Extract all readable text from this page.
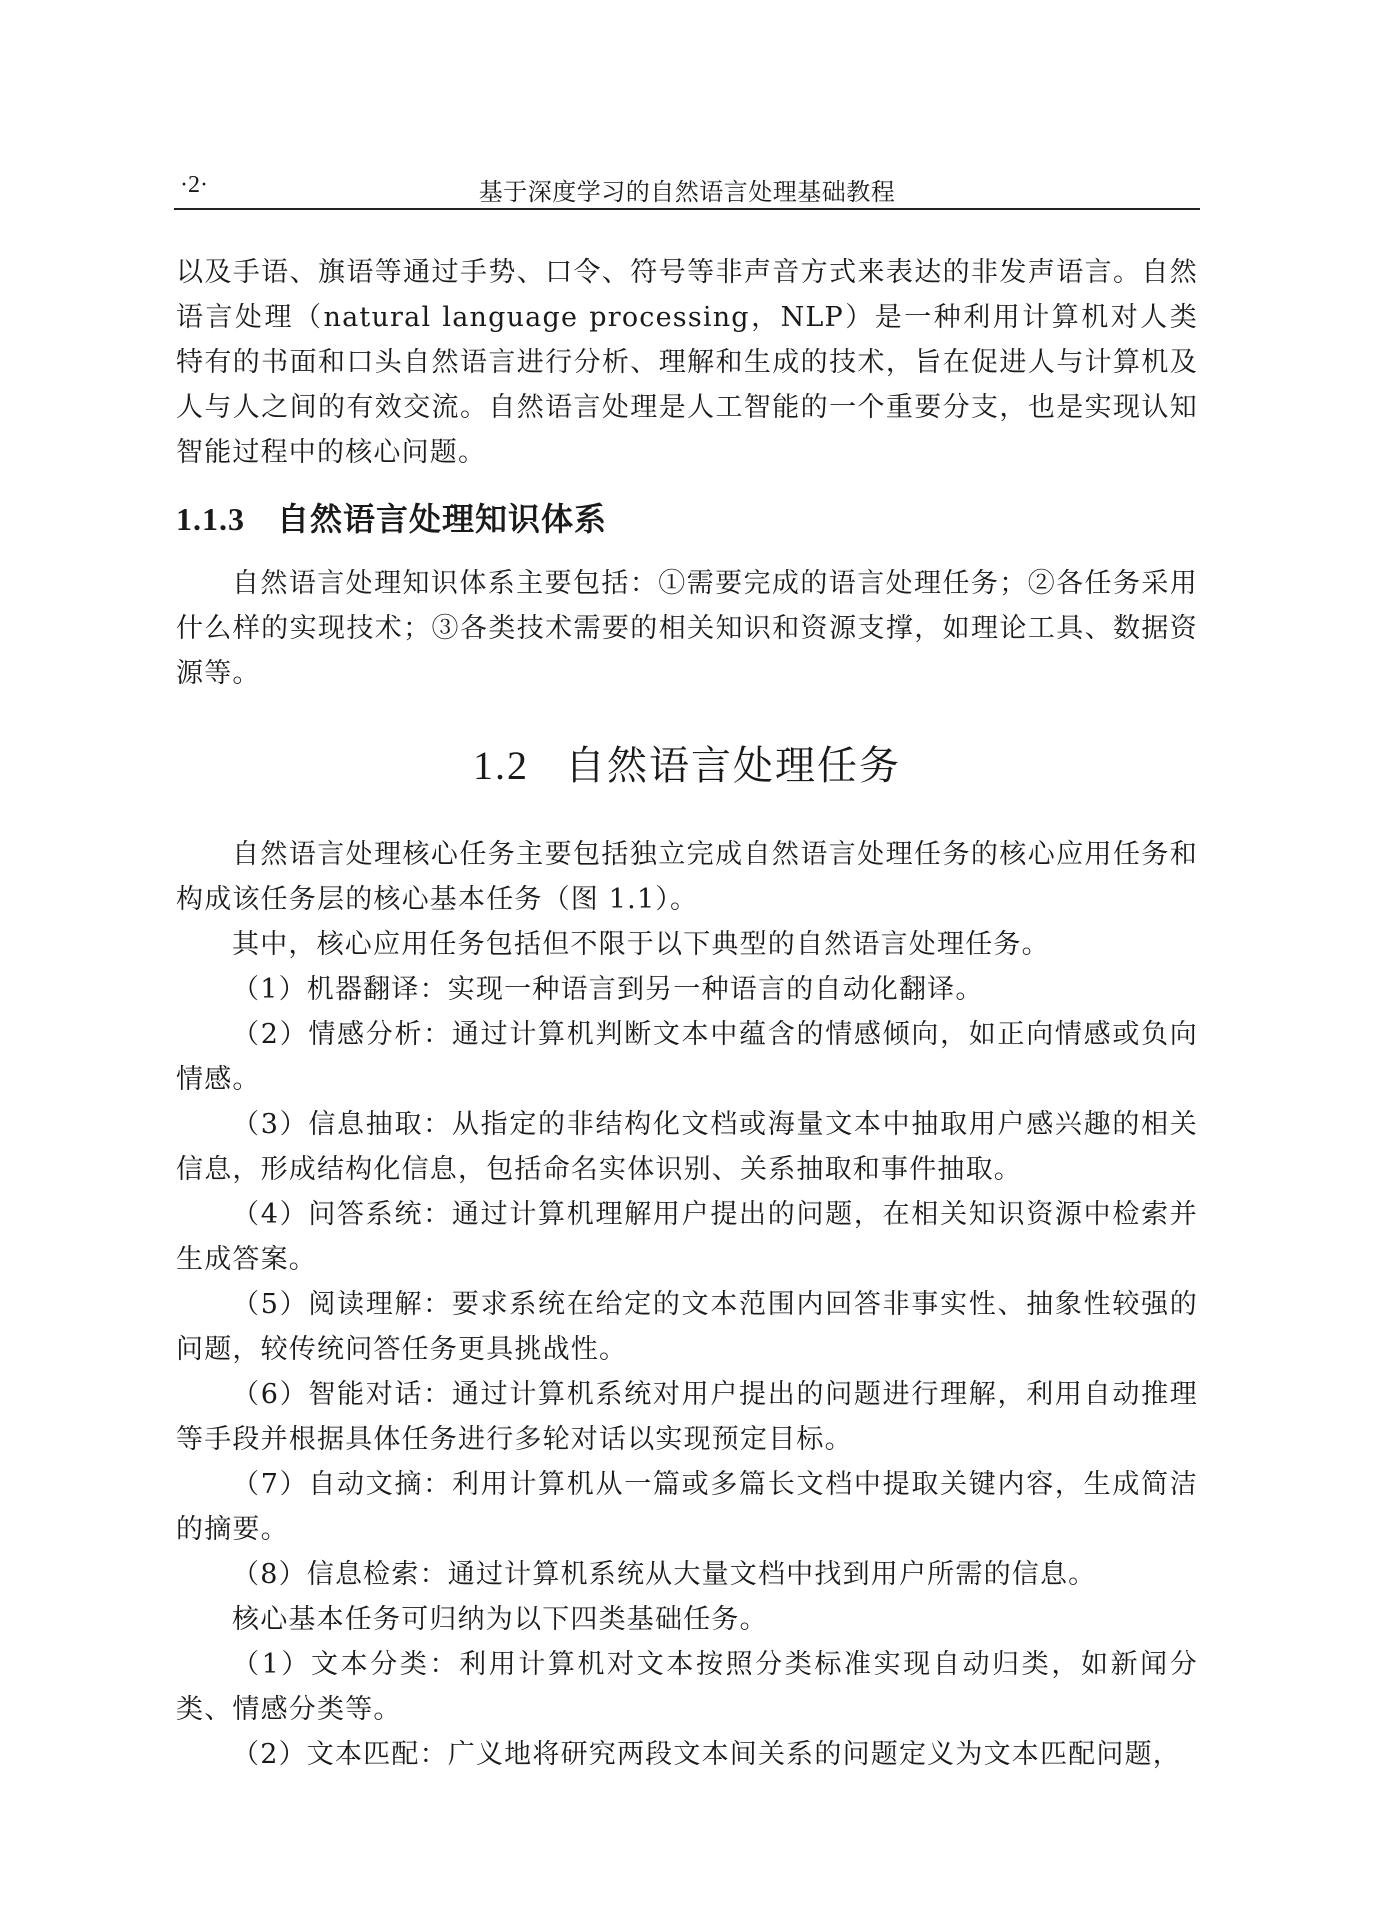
·2·	基于深度学习的自然语言处理基础教程

以及手语、旗语等通过手势、口令、符号等非声音方式来表达的非发声语言。自然语言处理（natural language processing，NLP）是一种利用计算机对人类特有的书面和口头自然语言进行分析、理解和生成的技术，旨在促进人与计算机及人与人之间的有效交流。自然语言处理是人工智能的一个重要分支，也是实现认知智能过程中的核心问题。

1.1.3 自然语言处理知识体系

自然语言处理知识体系主要包括：①需要完成的语言处理任务；②各任务采用什么样的实现技术；③各类技术需要的相关知识和资源支撑，如理论工具、数据资源等。

1.2 自然语言处理任务

自然语言处理核心任务主要包括独立完成自然语言处理任务的核心应用任务和构成该任务层的核心基本任务（图 1.1）。

其中，核心应用任务包括但不限于以下典型的自然语言处理任务。

（1）机器翻译：实现一种语言到另一种语言的自动化翻译。

（2）情感分析：通过计算机判断文本中蕴含的情感倾向，如正向情感或负向情感。

（3）信息抽取：从指定的非结构化文档或海量文本中抽取用户感兴趣的相关信息，形成结构化信息，包括命名实体识别、关系抽取和事件抽取。

（4）问答系统：通过计算机理解用户提出的问题，在相关知识资源中检索并生成答案。

（5）阅读理解：要求系统在给定的文本范围内回答非事实性、抽象性较强的问题，较传统问答任务更具挑战性。

（6）智能对话：通过计算机系统对用户提出的问题进行理解，利用自动推理等手段并根据具体任务进行多轮对话以实现预定目标。

（7）自动文摘：利用计算机从一篇或多篇长文档中提取关键内容，生成简洁的摘要。

（8）信息检索：通过计算机系统从大量文档中找到用户所需的信息。

核心基本任务可归纳为以下四类基础任务。

（1）文本分类：利用计算机对文本按照分类标准实现自动归类，如新闻分类、情感分类等。

（2）文本匹配：广义地将研究两段文本间关系的问题定义为文本匹配问题，
